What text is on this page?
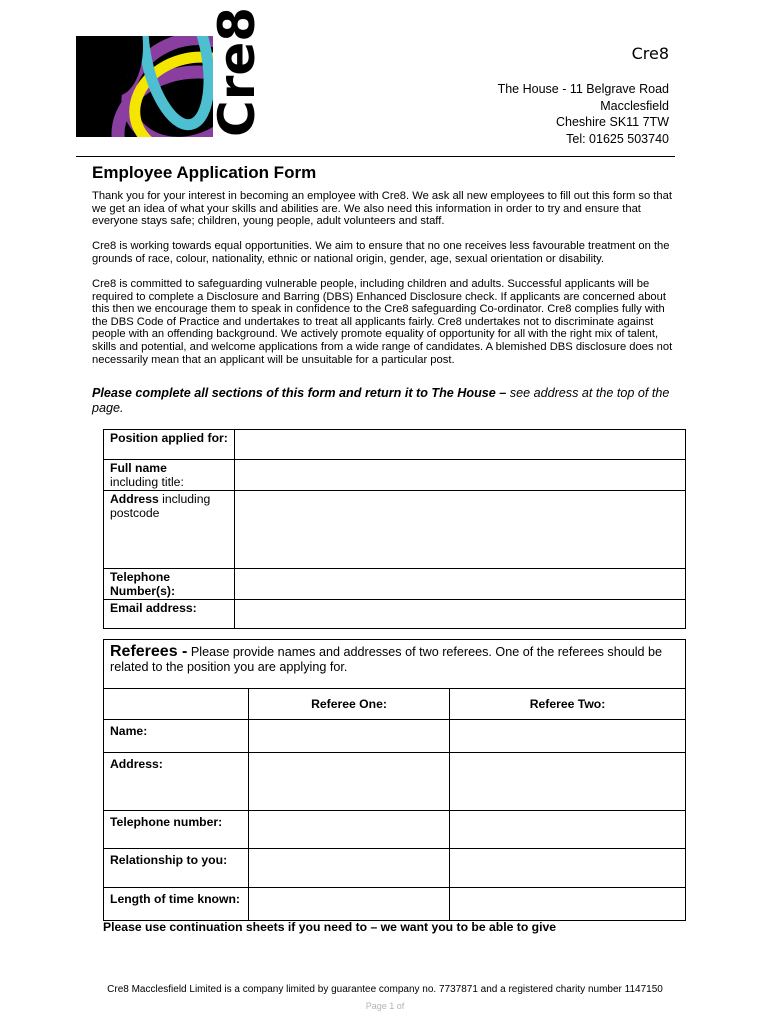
Cre8	Cre8
The House - 11 Belgrave Road
Macclesfield
Cheshire SK11 7TW
Tel: 01625 503740
Employee Application Form
Thank you for your interest in becoming an employee with Cre8. We ask all new employees to fill out this form so that we get an idea of what your skills and abilities are. We also need this information in order to try and ensure that everyone stays safe; children, young people, adult volunteers and staff.
Cre8 is working towards equal opportunities. We aim to ensure that no one receives less favourable treatment on the grounds of race, colour, nationality, ethnic or national origin, gender, age, sexual orientation or disability.
Cre8 is committed to safeguarding vulnerable people, including children and adults. Successful applicants will be required to complete a Disclosure and Barring (DBS) Enhanced Disclosure check. If applicants are concerned about this then we encourage them to speak in confidence to the Cre8 safeguarding Co-ordinator. Cre8 complies fully with the DBS Code of Practice and undertakes to treat all applicants fairly. Cre8 undertakes not to discriminate against people with an offending background. We actively promote equality of opportunity for all with the right mix of talent, skills and potential, and welcome applications from a wide range of candidates. A blemished DBS disclosure does not necessarily mean that an applicant will be unsuitable for a particular post.
Please complete all sections of this form and return it to The House – see address at the top of the page.
Position applied for:	
Full name
including title:	
Address including postcode	
Telephone Number(s):	
Email address:	
Referees - Please provide names and addresses of two referees. One of the referees should be related to the position you are applying for.		
	Referee One:	Referee Two:
Name:		
Address:		
Telephone number:		
Relationship to you:		
Length of time known:		
Please use continuation sheets if you need to – we want you to be able to give
Cre8 Macclesfield Limited is a company limited by guarantee company no. 7737871 and a registered charity number 1147150
Page 1 of
